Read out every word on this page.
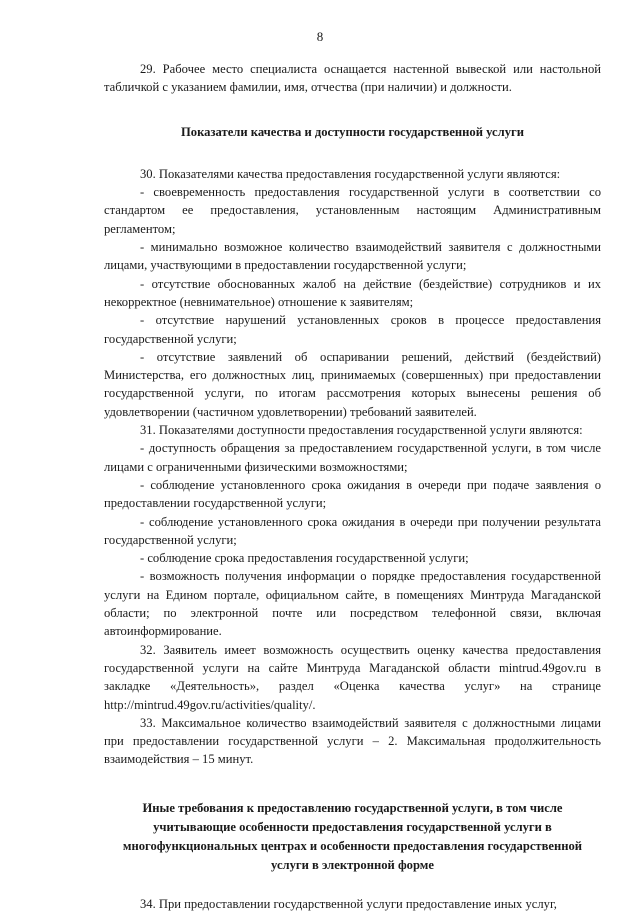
8

29. Рабочее место специалиста оснащается настенной вывеской или настольной табличкой с указанием фамилии, имя, отчества (при наличии) и должности.

Показатели качества и доступности государственной услуги

30. Показателями качества предоставления государственной услуги являются:

- своевременность предоставления государственной услуги в соответствии со стандартом ее предоставления, установленным настоящим Административным регламентом;

- минимально возможное количество взаимодействий заявителя с должностными лицами, участвующими в предоставлении государственной услуги;

- отсутствие обоснованных жалоб на действие (бездействие) сотрудников и их некорректное (невнимательное) отношение к заявителям;

- отсутствие нарушений установленных сроков в процессе предоставления государственной услуги;

- отсутствие заявлений об оспаривании решений, действий (бездействий) Министерства, его должностных лиц, принимаемых (совершенных) при предоставлении государственной услуги, по итогам рассмотрения которых вынесены решения об удовлетворении (частичном удовлетворении) требований заявителей.

31. Показателями доступности предоставления государственной услуги являются:

- доступность обращения за предоставлением государственной услуги, в том числе лицами с ограниченными физическими возможностями;

- соблюдение установленного срока ожидания в очереди при подаче заявления о предоставлении государственной услуги;

- соблюдение установленного срока ожидания в очереди при получении результата государственной услуги;

- соблюдение срока предоставления государственной услуги;

- возможность получения информации о порядке предоставления государственной услуги на Едином портале, официальном сайте, в помещениях Минтруда Магаданской области; по электронной почте или посредством телефонной связи, включая автоинформирование.

32. Заявитель имеет возможность осуществить оценку качества предоставления государственной услуги на сайте Минтруда Магаданской области mintrud.49gov.ru в закладке «Деятельность», раздел «Оценка качества услуг» на странице http://mintrud.49gov.ru/activities/quality/.

33. Максимальное количество взаимодействий заявителя с должностными лицами при предоставлении государственной услуги – 2. Максимальная продолжительность взаимодействия – 15 минут.

Иные требования к предоставлению государственной услуги, в том числе
учитывающие особенности предоставления государственной услуги в
многофункциональных центрах и особенности предоставления государственной
услуги в электронной форме

34. При предоставлении государственной услуги предоставление иных услуг,
